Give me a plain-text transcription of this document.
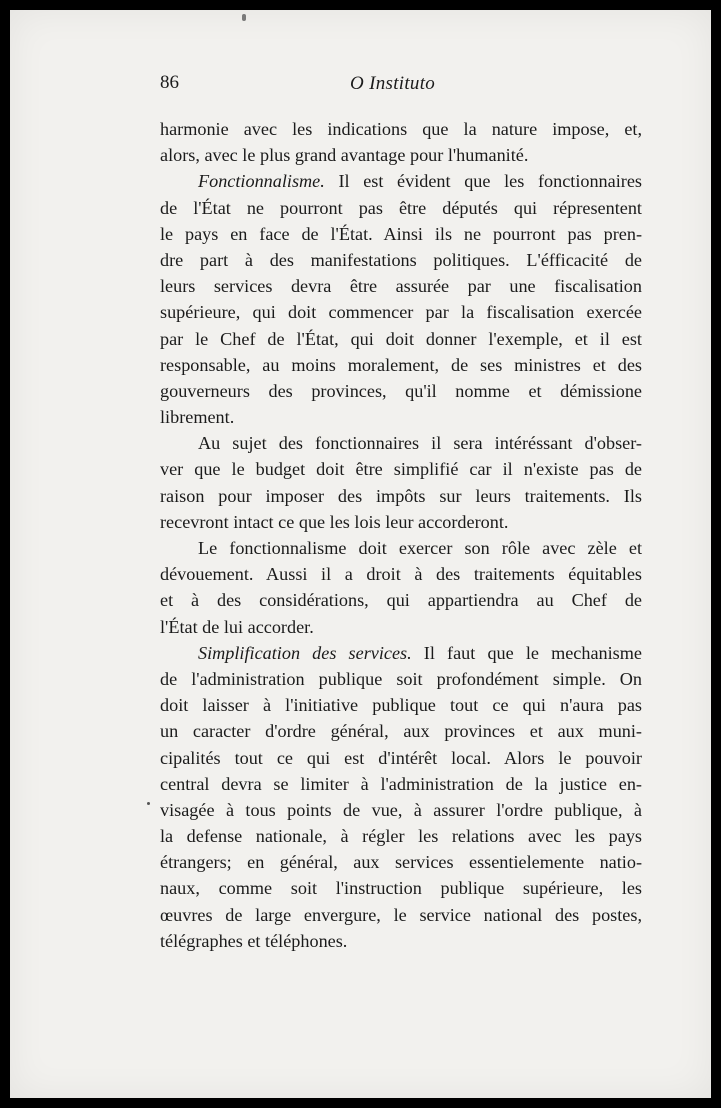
86	O Instituto

harmonie avec les indications que la nature impose, et,
alors, avec le plus grand avantage pour l'humanité.

Fonctionnalisme. Il est évident que les fonctionnaires
de l'État ne pourront pas être députés qui répresentent
le pays en face de l'État. Ainsi ils ne pourront pas pren-
dre part à des manifestations politiques. L'éfficacité de
leurs services devra être assurée par une fiscalisation
supérieure, qui doit commencer par la fiscalisation exercée
par le Chef de l'État, qui doit donner l'exemple, et il est
responsable, au moins moralement, de ses ministres et des
gouverneurs des provinces, qu'il nomme et démissione
librement.

Au sujet des fonctionnaires il sera intéréssant d'obser-
ver que le budget doit être simplifié car il n'existe pas de
raison pour imposer des impôts sur leurs traitements. Ils
recevront intact ce que les lois leur accorderont.

Le fonctionnalisme doit exercer son rôle avec zèle et
dévouement. Aussi il a droit à des traitements équitables
et à des considérations, qui appartiendra au Chef de
l'État de lui accorder.

Simplification des services. Il faut que le mechanisme
de l'administration publique soit profondément simple. On
doit laisser à l'initiative publique tout ce qui n'aura pas
un caracter d'ordre général, aux provinces et aux muni-
cipalités tout ce qui est d'intérêt local. Alors le pouvoir
central devra se limiter à l'administration de la justice en-
visagée à tous points de vue, à assurer l'ordre publique, à
la defense nationale, à régler les relations avec les pays
étrangers; en général, aux services essentielemente natio-
naux, comme soit l'instruction publique supérieure, les
œuvres de large envergure, le service national des postes,
télégraphes et téléphones.
